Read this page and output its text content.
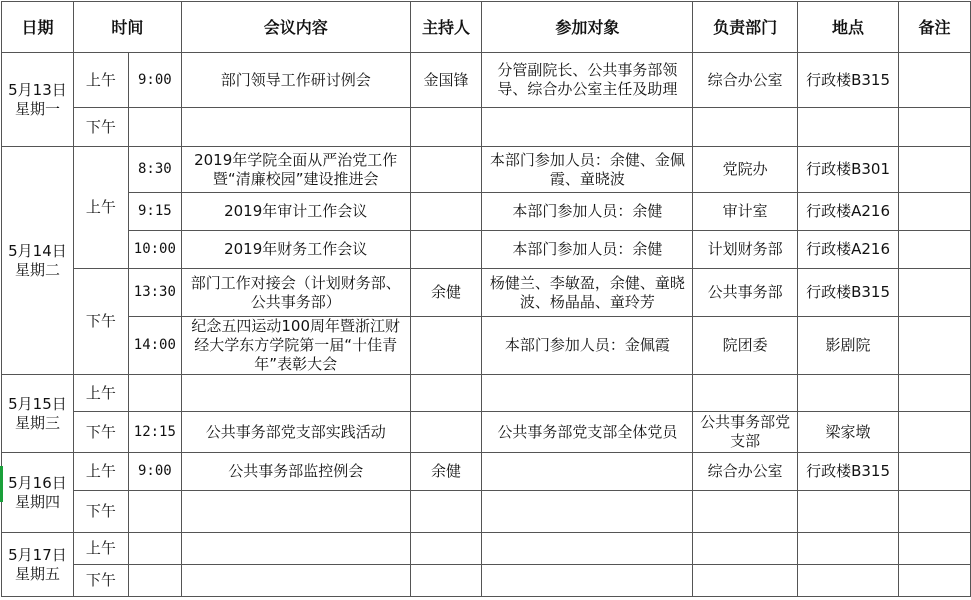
日期	时间		会议内容	主持人	参加对象	负责部门	地点	备注
5月13日
星期一	上午	9:00	部门领导工作研讨例会	金国锋	分管副院长、公共事务部领导、综合办公室主任及助理	综合办公室	行政楼B315	
	下午							
5月14日
星期二	上午	8:30	2019年学院全面从严治党工作暨“清廉校园”建设推进会		本部门参加人员：余健、金佩霞、童晓波	党院办	行政楼B301	
		9:15	2019年审计工作会议		本部门参加人员：余健	审计室	行政楼A216	
		10:00	2019年财务工作会议		本部门参加人员：余健	计划财务部	行政楼A216	
	下午	13:30	部门工作对接会（计划财务部、公共事务部）	余健	杨健兰、李敏盈，余健、童晓波、杨晶晶、童玲芳	公共事务部	行政楼B315	
		14:00	纪念五四运动100周年暨浙江财经大学东方学院第一届“十佳青年”表彰大会		本部门参加人员：金佩霞	院团委	影剧院	
5月15日
星期三	上午							
	下午	12:15	公共事务部党支部实践活动		公共事务部党支部全体党员	公共事务部党支部	梁家墩	
5月16日
星期四	上午	9:00	公共事务部监控例会	余健		综合办公室	行政楼B315	
	下午							
5月17日
星期五	上午							
	下午							
